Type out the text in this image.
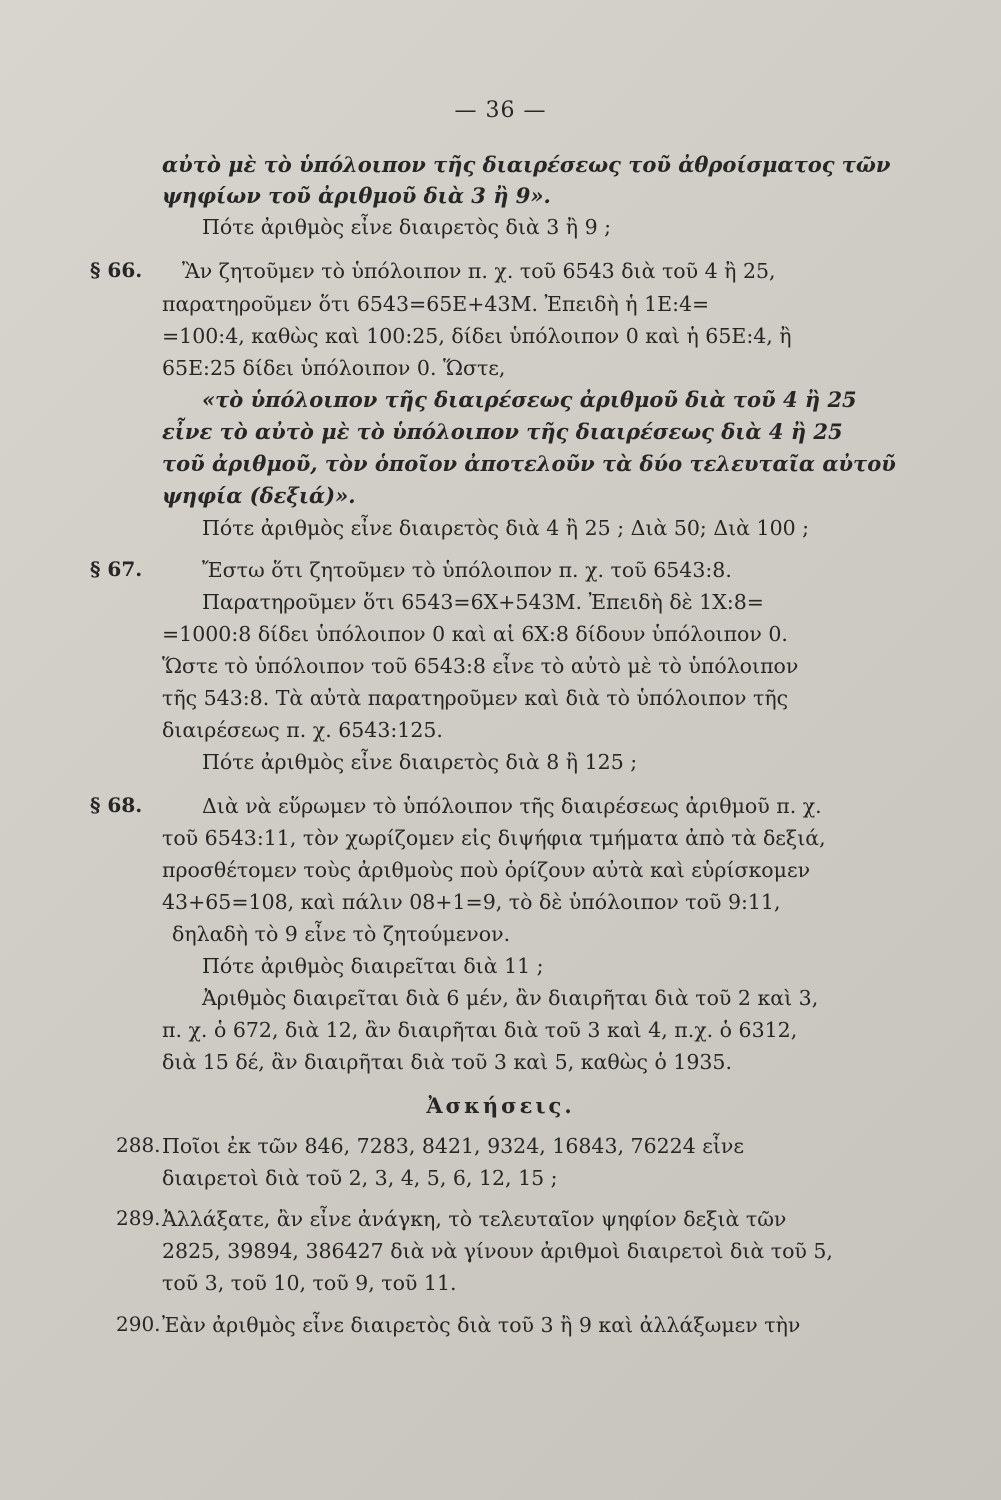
— 36 —
αὐτὸ μὲ τὸ ὑπόλοιπον τῆς διαιρέσεως τοῦ ἀθροίσματος τῶν
ψηφίων τοῦ ἀριθμοῦ διὰ 3 ἢ 9».
Πότε ἀριθμὸς εἶνε διαιρετὸς διὰ 3 ἢ 9 ;
§ 66. Ἂν ζητοῦμεν τὸ ὑπόλοιπον π. χ. τοῦ 6543 διὰ τοῦ 4 ἢ 25,
παρατηροῦμεν ὅτι 6543=65Ε+43Μ. Ἐπειδὴ ἡ 1Ε:4=
=100:4, καθὼς καὶ 100:25, δίδει ὑπόλοιπον 0 καὶ ἡ 65Ε:4, ἢ
65Ε:25 δίδει ὑπόλοιπον 0. Ὥστε,
«τὸ ὑπόλοιπον τῆς διαιρέσεως ἀριθμοῦ διὰ τοῦ 4 ἢ 25
εἶνε τὸ αὐτὸ μὲ τὸ ὑπόλοιπον τῆς διαιρέσεως διὰ 4 ἢ 25
τοῦ ἀριθμοῦ, τὸν ὁποῖον ἀποτελοῦν τὰ δύο τελευταῖα αὐτοῦ
ψηφία (δεξιά)».
Πότε ἀριθμὸς εἶνε διαιρετὸς διὰ 4 ἢ 25 ; Διὰ 50; Διὰ 100 ;
§ 67.	Ἔστω ὅτι ζητοῦμεν τὸ ὑπόλοιπον π. χ. τοῦ 6543:8.
Παρατηροῦμεν ὅτι 6543=6Χ+543Μ. Ἐπειδὴ δὲ 1Χ:8=
=1000:8 δίδει ὑπόλοιπον 0 καὶ αἱ 6Χ:8 δίδουν ὑπόλοιπον 0.
Ὥστε τὸ ὑπόλοιπον τοῦ 6543:8 εἶνε τὸ αὐτὸ μὲ τὸ ὑπόλοιπον
τῆς 543:8. Τὰ αὐτὰ παρατηροῦμεν καὶ διὰ τὸ ὑπόλοιπον τῆς
διαιρέσεως π. χ. 6543:125.
Πότε ἀριθμὸς εἶνε διαιρετὸς διὰ 8 ἢ 125 ;
§ 68.	Διὰ νὰ εὕρωμεν τὸ ὑπόλοιπον τῆς διαιρέσεως ἀριθμοῦ π. χ.
τοῦ 6543:11, τὸν χωρίζομεν εἰς διψήφια τμήματα ἀπὸ τὰ δεξιά,
προσθέτομεν τοὺς ἀριθμοὺς ποὺ ὁρίζουν αὐτὰ καὶ εὑρίσκομεν
43+65=108, καὶ πάλιν 08+1=9, τὸ δὲ ὑπόλοιπον τοῦ 9:11,
δηλαδὴ τὸ 9 εἶνε τὸ ζητούμενον.
Πότε ἀριθμὸς διαιρεῖται διὰ 11 ;
Ἀριθμὸς διαιρεῖται διὰ 6 μέν, ἂν διαιρῆται διὰ τοῦ 2 καὶ 3,
π. χ. ὁ 672, διὰ 12, ἂν διαιρῆται διὰ τοῦ 3 καὶ 4, π.χ. ὁ 6312,
διὰ 15 δέ, ἂν διαιρῆται διὰ τοῦ 3 καὶ 5, καθὼς ὁ 1935.
Ἀσκήσεις.
288. Ποῖοι ἐκ τῶν 846, 7283, 8421, 9324, 16843, 76224 εἶνε
διαιρετοὶ διὰ τοῦ 2, 3, 4, 5, 6, 12, 15 ;
289. Ἀλλάξατε, ἂν εἶνε ἀνάγκη, τὸ τελευταῖον ψηφίον δεξιὰ τῶν
2825, 39894, 386427 διὰ νὰ γίνουν ἀριθμοὶ διαιρετοὶ διὰ τοῦ 5,
τοῦ 3, τοῦ 10, τοῦ 9, τοῦ 11.
290. Ἐὰν ἀριθμὸς εἶνε διαιρετὸς διὰ τοῦ 3 ἢ 9 καὶ ἀλλάξωμεν τὴν
